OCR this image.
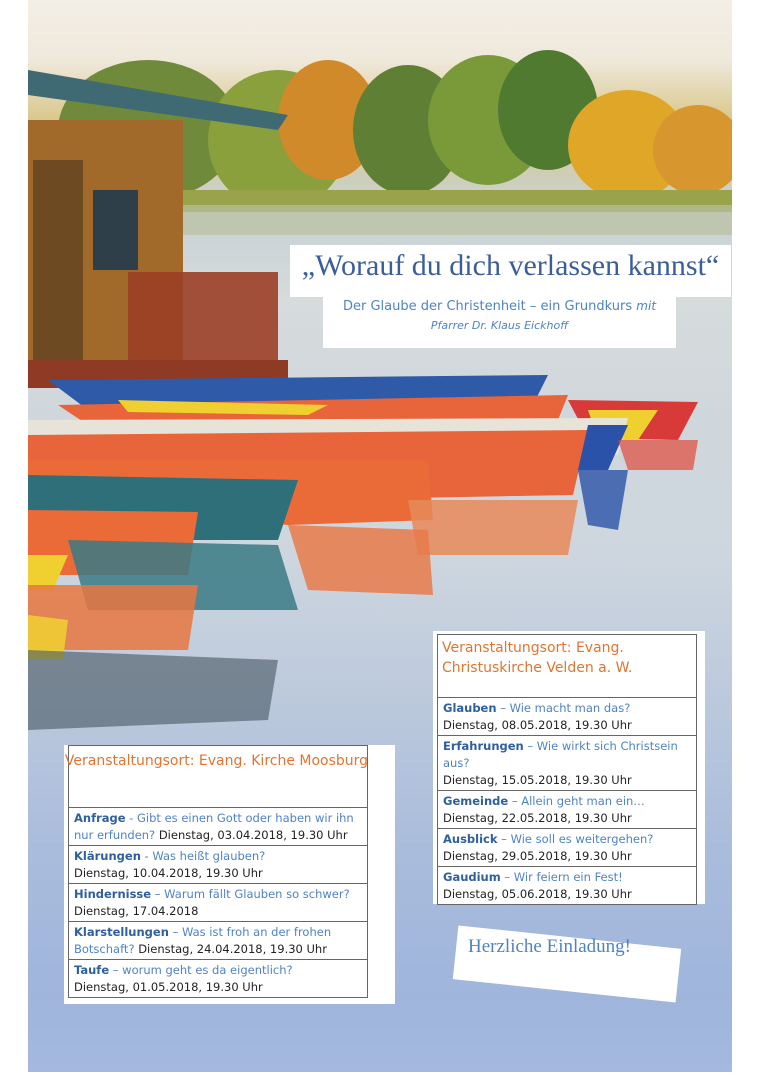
„Worauf du dich verlassen kannst“
Der Glaube der Christenheit – ein Grundkurs mit
Pfarrer Dr. Klaus Eickhoff
Veranstaltungsort: Evang. Christuskirche Velden a. W.
Glauben – Wie macht man das?
Dienstag, 08.05.2018, 19.30 Uhr
Erfahrungen – Wie wirkt sich Christsein aus?
Dienstag, 15.05.2018, 19.30 Uhr
Gemeinde – Allein geht man ein…
Dienstag, 22.05.2018, 19.30 Uhr
Ausblick – Wie soll es weitergehen?
Dienstag, 29.05.2018, 19.30 Uhr
Gaudium – Wir feiern ein Fest!
Dienstag, 05.06.2018, 19.30 Uhr
Veranstaltungsort: Evang. Kirche Moosburg
Anfrage - Gibt es einen Gott oder haben wir ihn nur erfunden? Dienstag, 03.04.2018, 19.30 Uhr
Klärungen - Was heißt glauben?
Dienstag, 10.04.2018, 19.30 Uhr
Hindernisse – Warum fällt Glauben so schwer?
Dienstag, 17.04.2018
Klarstellungen – Was ist froh an der frohen Botschaft? Dienstag, 24.04.2018, 19.30 Uhr
Taufe – worum geht es da eigentlich?
Dienstag, 01.05.2018, 19.30 Uhr
Herzliche Einladung!
